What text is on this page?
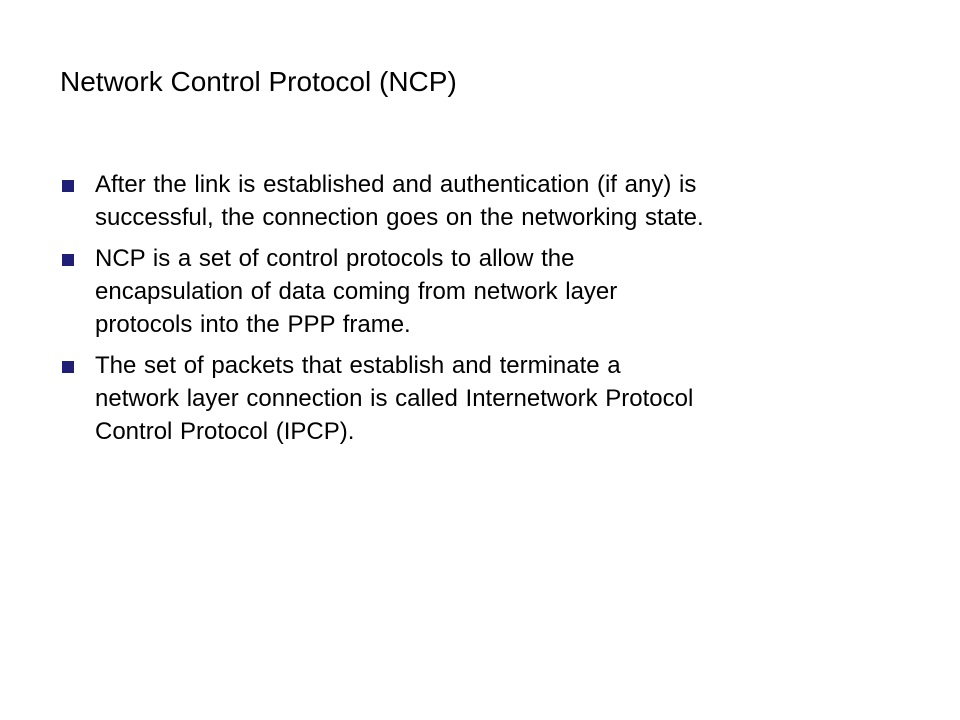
Network Control Protocol (NCP)
After the link is established and authentication (if any) is
successful, the connection goes on the networking state.
NCP is a set of control protocols to allow the
encapsulation of data coming from network layer
protocols into the PPP frame.
The set of packets that establish and terminate a
network layer connection is called Internetwork Protocol
Control Protocol (IPCP).
